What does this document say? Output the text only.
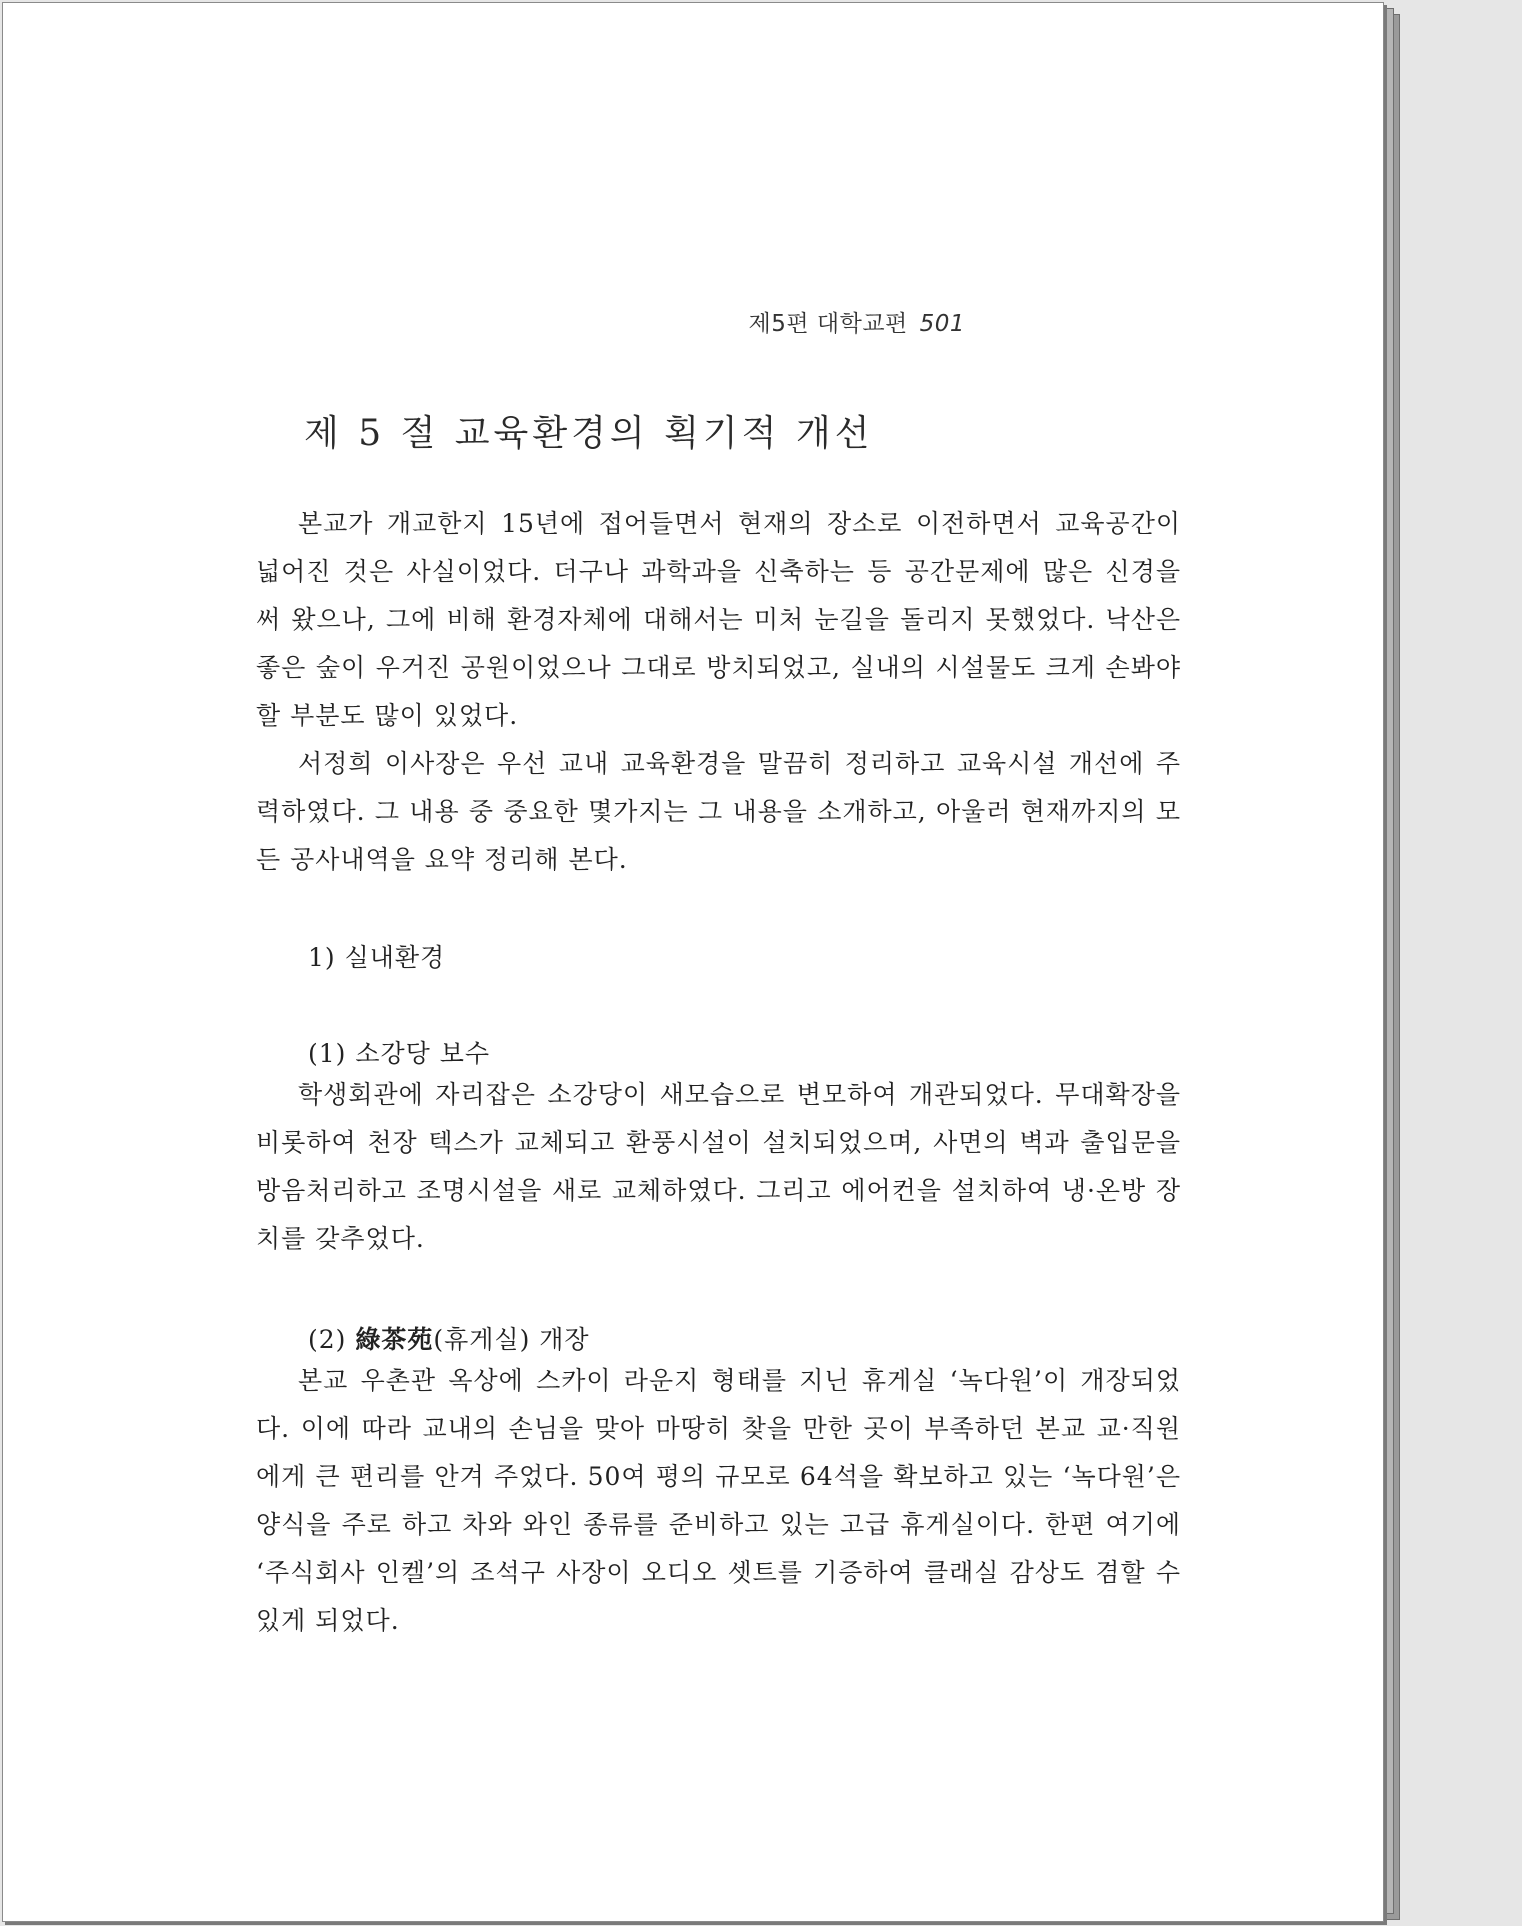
제5편 대학교편 501
제 5 절 교육환경의 획기적 개선

본교가 개교한지 15년에 접어들면서 현재의 장소로 이전하면서 교육공간이 넓어진 것은 사실이었다. 더구나 과학과을 신축하는 등 공간문제에 많은 신경을 써 왔으나, 그에 비해 환경자체에 대해서는 미처 눈길을 돌리지 못했었다. 낙산은 좋은 숲이 우거진 공원이었으나 그대로 방치되었고, 실내의 시설물도 크게 손봐야할 부분도 많이 있었다.

서정희 이사장은 우선 교내 교육환경을 말끔히 정리하고 교육시설 개선에 주력하였다. 그 내용 중 중요한 몇가지는 그 내용을 소개하고, 아울러 현재까지의 모든 공사내역을 요약 정리해 본다.

1) 실내환경
(1) 소강당 보수

학생회관에 자리잡은 소강당이 새모습으로 변모하여 개관되었다. 무대확장을 비롯하여 천장 텍스가 교체되고 환풍시설이 설치되었으며, 사면의 벽과 출입문을 방음처리하고 조명시설을 새로 교체하였다. 그리고 에어컨을 설치하여 냉·온방 장치를 갖추었다.

(2) 綠茶苑(휴게실) 개장

본교 우촌관 옥상에 스카이 라운지 형태를 지닌 휴게실 ‘녹다원’이 개장되었다. 이에 따라 교내의 손님을 맞아 마땅히 찾을 만한 곳이 부족하던 본교 교·직원에게 큰 편리를 안겨 주었다. 50여 평의 규모로 64석을 확보하고 있는 ‘녹다원’은 양식을 주로 하고 차와 와인 종류를 준비하고 있는 고급 휴게실이다. 한편 여기에 ‘주식회사 인켈’의 조석구 사장이 오디오 셋트를 기증하여 클래실 감상도 겸할 수 있게 되었다.
